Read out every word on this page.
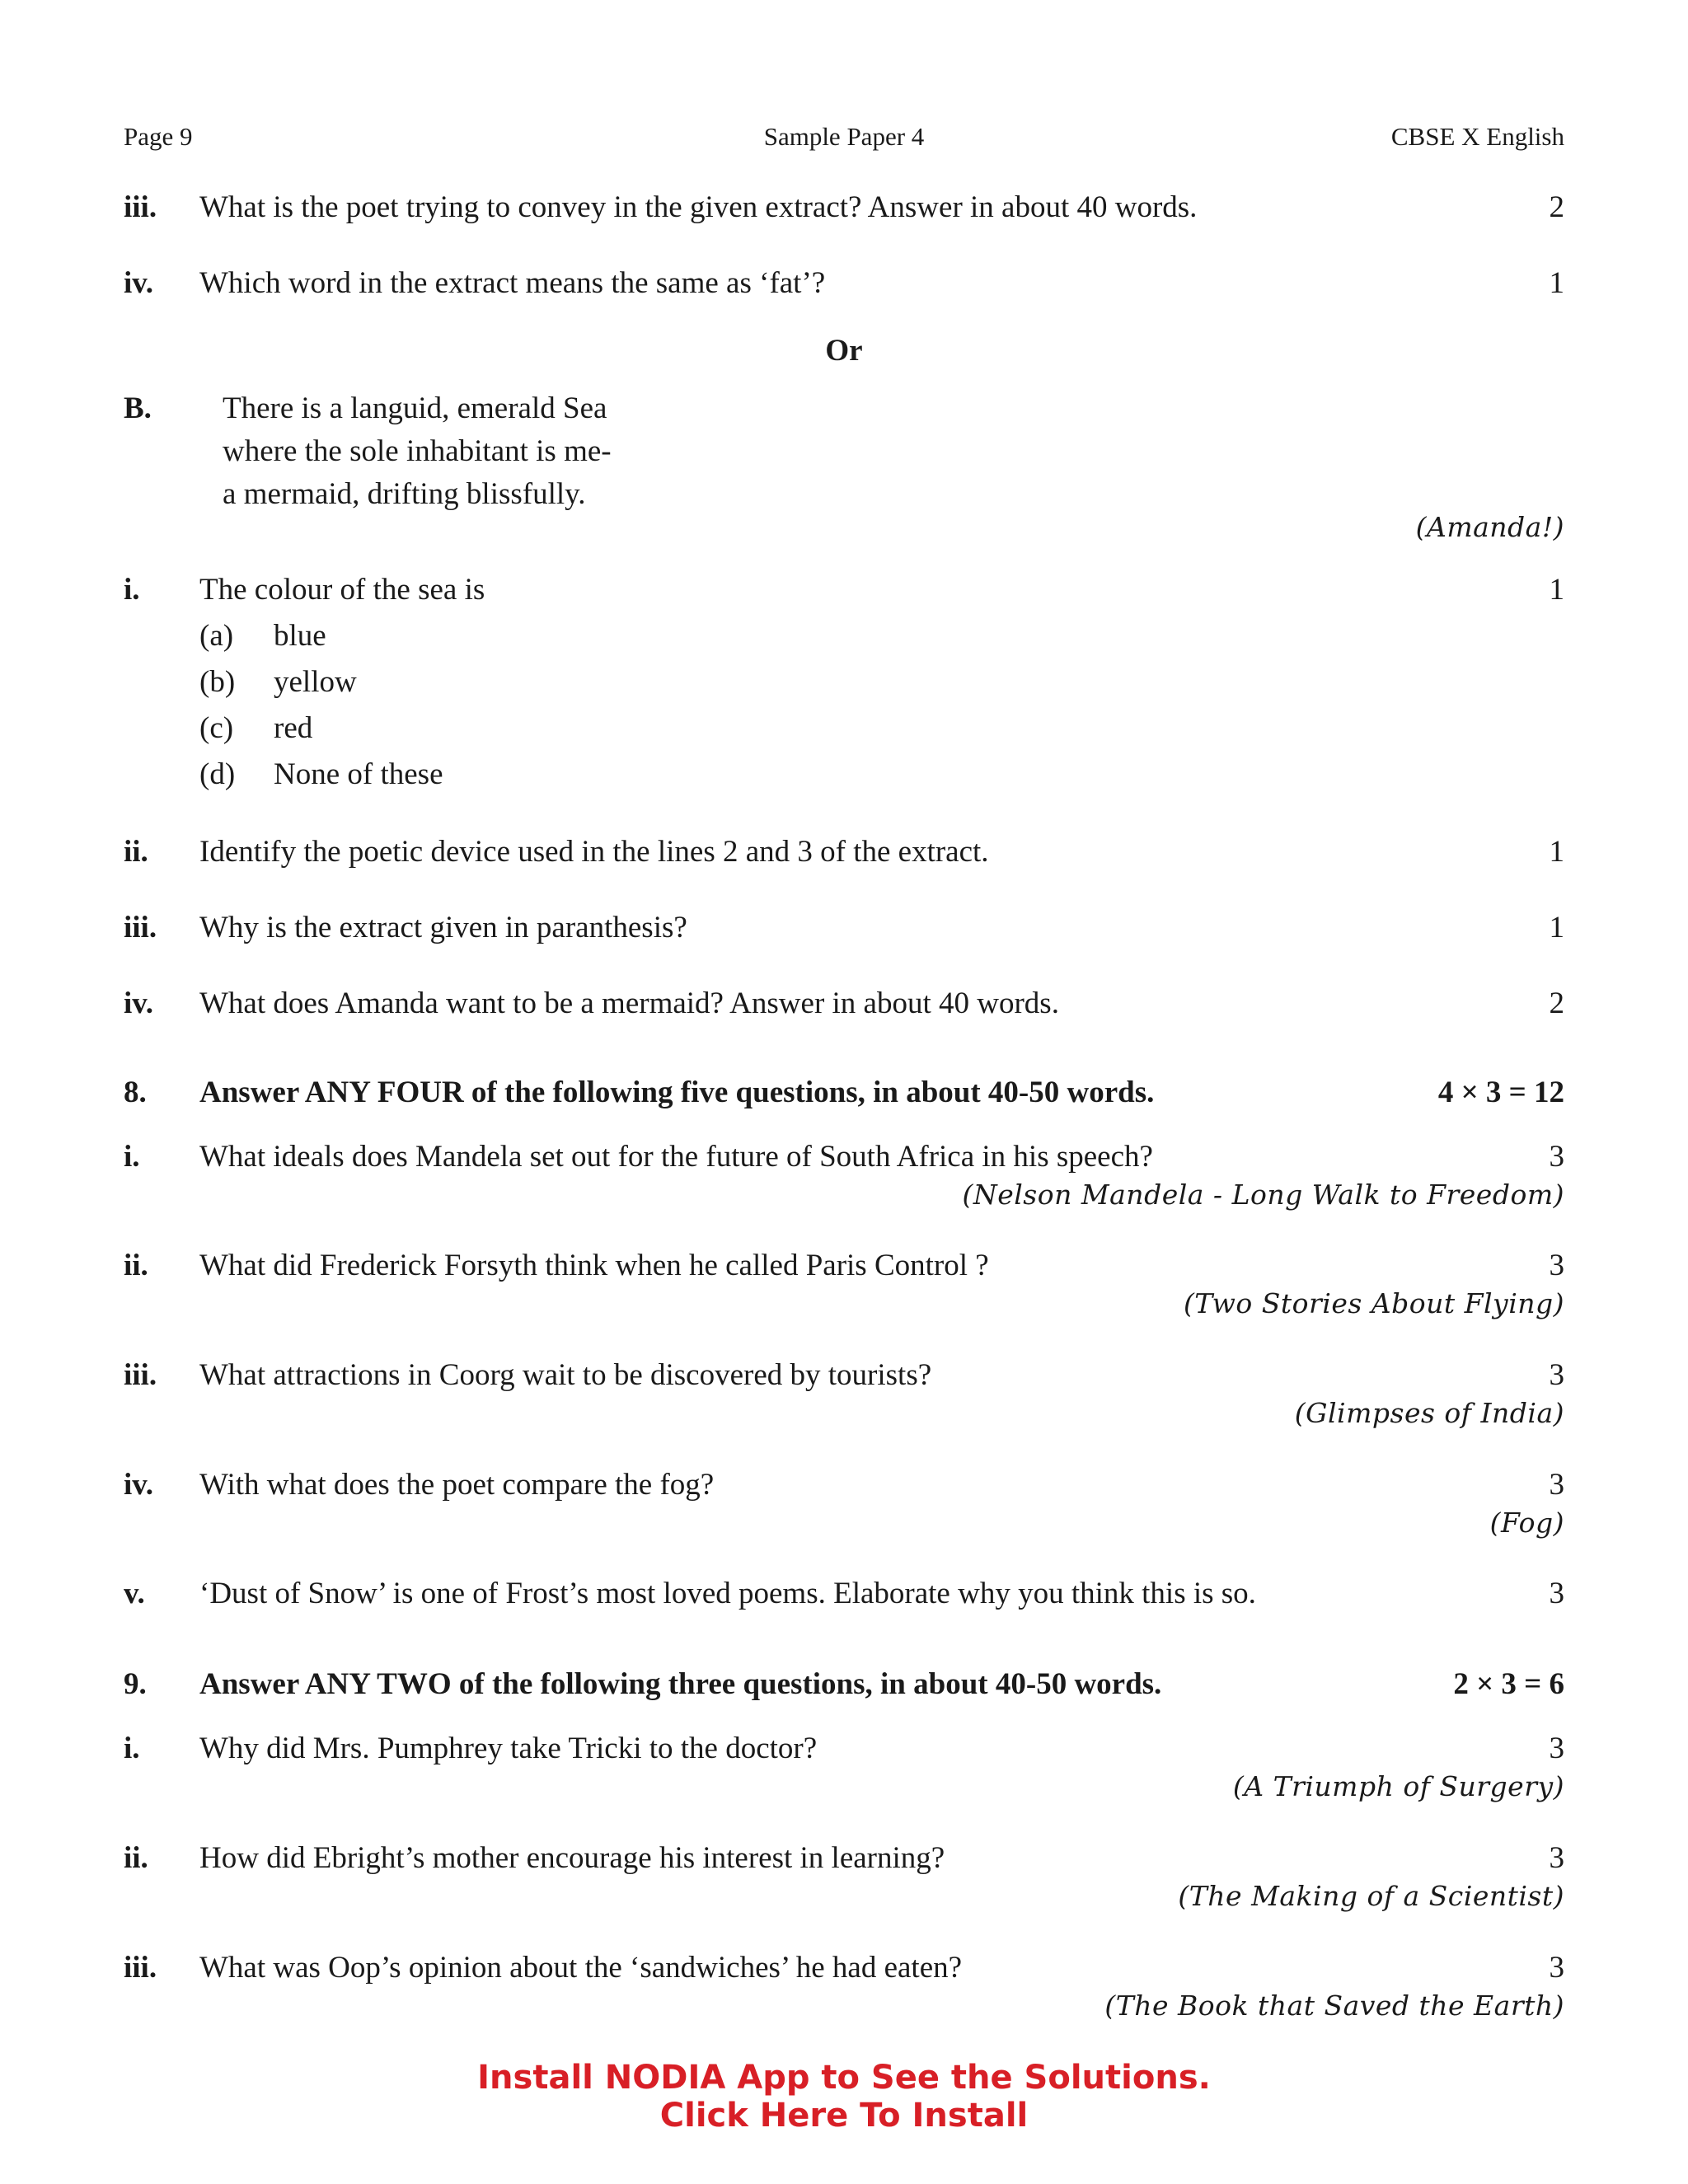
Page 9	Sample Paper 4	CBSE X English
iii. What is the poet trying to convey in the given extract? Answer in about 40 words.	2
iv. Which word in the extract means the same as ‘fat’?	1
Or
B. There is a languid, emerald Sea
where the sole inhabitant is me-
a mermaid, drifting blissfully.
(Amanda!)
i. The colour of the sea is	1
(a) blue
(b) yellow
(c) red
(d) None of these
ii. Identify the poetic device used in the lines 2 and 3 of the extract.	1
iii. Why is the extract given in paranthesis?	1
iv. What does Amanda want to be a mermaid? Answer in about 40 words.	2
8. Answer ANY FOUR of the following five questions, in about 40-50 words.	4 × 3 = 12
i. What ideals does Mandela set out for the future of South Africa in his speech?	3
(Nelson Mandela - Long Walk to Freedom)
ii. What did Frederick Forsyth think when he called Paris Control ?	3
(Two Stories About Flying)
iii. What attractions in Coorg wait to be discovered by tourists?	3
(Glimpses of India)
iv. With what does the poet compare the fog?	3
(Fog)
v. ‘Dust of Snow’ is one of Frost’s most loved poems. Elaborate why you think this is so.	3
9. Answer ANY TWO of the following three questions, in about 40-50 words.	2 × 3 = 6
i. Why did Mrs. Pumphrey take Tricki to the doctor?	3
(A Triumph of Surgery)
ii. How did Ebright’s mother encourage his interest in learning?	3
(The Making of a Scientist)
iii. What was Oop’s opinion about the ‘sandwiches’ he had eaten?	3
(The Book that Saved the Earth)
Install NODIA App to See the Solutions.
Click Here To Install
